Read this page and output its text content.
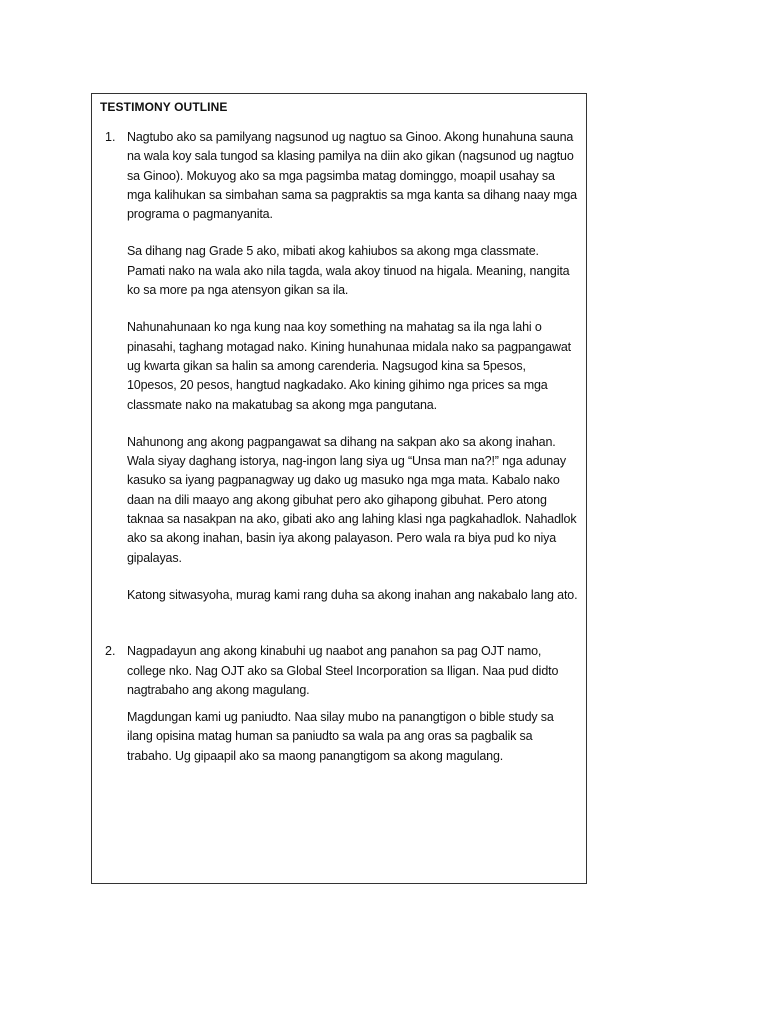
TESTIMONY OUTLINE
1. Nagtubo ako sa pamilyang nagsunod ug nagtuo sa Ginoo. Akong hunahuna sauna na wala koy sala tungod sa klasing pamilya na diin ako gikan (nagsunod ug nagtuo sa Ginoo). Mokuyog ako sa mga pagsimba matag dominggo, moapil usahay sa mga kalihukan sa simbahan sama sa pagpraktis sa mga kanta sa dihang naay mga programa o pagmanyanita.

Sa dihang nag Grade 5 ako, mibati akog kahiubos sa akong mga classmate. Pamati nako na wala ako nila tagda, wala akoy tinuod na higala. Meaning, nangita ko sa more pa nga atensyon gikan sa ila.

Nahunahunaan ko nga kung naa koy something na mahatag sa ila nga lahi o pinasahi, taghang motagad nako. Kining hunahunaa midala nako sa pagpangawat ug kwarta gikan sa halin sa among carenderia. Nagsugod kina sa 5pesos, 10pesos, 20 pesos, hangtud nagkadako. Ako kining gihimo nga prices sa mga classmate nako na makatubag sa akong mga pangutana.

Nahunong ang akong pagpangawat sa dihang na sakpan ako sa akong inahan. Wala siyay daghang istorya, nag-ingon lang siya ug “Unsa man na?!” nga adunay kasuko sa iyang pagpanagway ug dako ug masuko nga mga mata. Kabalo nako daan na dili maayo ang akong gibuhat pero ako gihapong gibuhat. Pero atong taknaa sa nasakpan na ako, gibati ako ang lahing klasi nga pagkahadlok. Nahadlok ako sa akong inahan, basin iya akong palayason. Pero wala ra biya pud ko niya gipalayas.

Katong sitwasyoha, murag kami rang duha sa akong inahan ang nakabalo lang ato.

2. Nagpadayun ang akong kinabuhi ug naabot ang panahon sa pag OJT namo, college nko. Nag OJT ako sa Global Steel Incorporation sa Iligan. Naa pud didto nagtrabaho ang akong magulang.

Magdungan kami ug paniudto. Naa silay mubo na panangtigon o bible study sa ilang opisina matag human sa paniudto sa wala pa ang oras sa pagbalik sa trabaho. Ug gipaapil ako sa maong panangtigom sa akong magulang.
